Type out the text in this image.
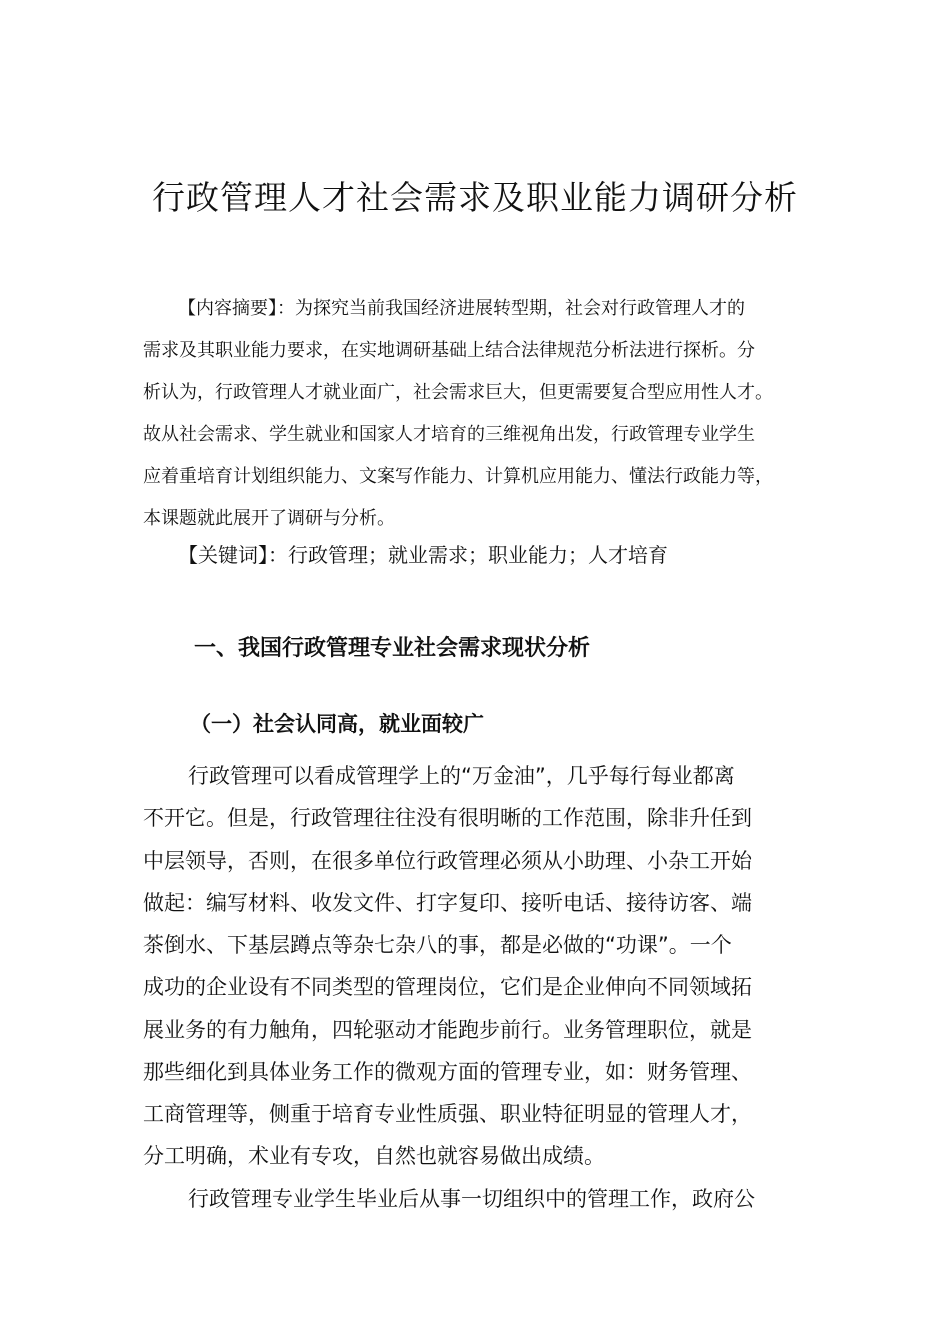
行政管理人才社会需求及职业能力调研分析
【内容摘要】：为探究当前我国经济进展转型期，社会对行政管理人才的
需求及其职业能力要求，在实地调研基础上结合法律规范分析法进行探析。分
析认为，行政管理人才就业面广，社会需求巨大，但更需要复合型应用性人才。
故从社会需求、学生就业和国家人才培育的三维视角出发，行政管理专业学生
应着重培育计划组织能力、文案写作能力、计算机应用能力、懂法行政能力等，
本课题就此展开了调研与分析。
【关键词】：行政管理；就业需求；职业能力；人才培育
一、我国行政管理专业社会需求现状分析
（一）社会认同高，就业面较广
行政管理可以看成管理学上的“万金油”，几乎每行每业都离
不开它。但是，行政管理往往没有很明晰的工作范围，除非升任到
中层领导，否则，在很多单位行政管理必须从小助理、小杂工开始
做起：编写材料、收发文件、打字复印、接听电话、接待访客、端
茶倒水、下基层蹲点等杂七杂八的事，都是必做的“功课”。一个
成功的企业设有不同类型的管理岗位，它们是企业伸向不同领域拓
展业务的有力触角，四轮驱动才能跑步前行。业务管理职位，就是
那些细化到具体业务工作的微观方面的管理专业，如：财务管理、
工商管理等，侧重于培育专业性质强、职业特征明显的管理人才，
分工明确，术业有专攻，自然也就容易做出成绩。
行政管理专业学生毕业后从事一切组织中的管理工作，政府公
